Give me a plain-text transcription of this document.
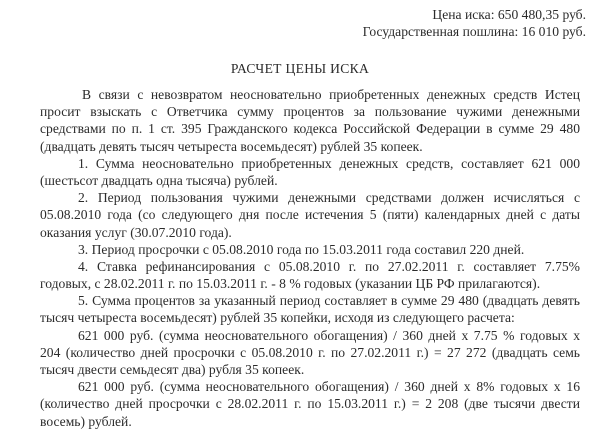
Цена иска: 650 480,35 руб.
Государственная пошлина: 16 010 руб.
РАСЧЕТ ЦЕНЫ ИСКА
В связи с невозвратом неосновательно приобретенных денежных средств Истец
просит взыскать с Ответчика сумму процентов за пользование чужими денежными
средствами по п. 1 ст. 395 Гражданского кодекса Российской Федерации в сумме 29 480
(двадцать девять тысяч четыреста восемьдесят) рублей 35 копеек.
1. Сумма неосновательно приобретенных денежных средств, составляет 621 000
(шестьсот двадцать одна тысяча) рублей.
2. Период пользования чужими денежными средствами должен исчисляться с
05.08.2010 года (со следующего дня после истечения 5 (пяти) календарных дней с даты
оказания услуг (30.07.2010 года).
3. Период просрочки с 05.08.2010 года по 15.03.2011 года составил 220 дней.
4. Ставка рефинансирования с 05.08.2010 г. по 27.02.2011 г. составляет 7.75%
годовых, с 28.02.2011 г. по 15.03.2011 г. - 8 % годовых (указании ЦБ РФ прилагаются).
5. Сумма процентов за указанный период составляет в сумме 29 480 (двадцать девять
тысяч четыреста восемьдесят) рублей 35 копейки, исходя из следующего расчета:
621 000 руб. (сумма неосновательного обогащения) / 360 дней x 7.75 % годовых x
204 (количество дней просрочки с 05.08.2010 г. по 27.02.2011 г.) = 27 272 (двадцать семь
тысяч двести семьдесят два) рубля 35 копеек.
621 000 руб. (сумма неосновательного обогащения) / 360 дней x 8% годовых x 16
(количество дней просрочки с 28.02.2011 г. по 15.03.2011 г.) = 2 208 (две тысячи двести
восемь) рублей.
